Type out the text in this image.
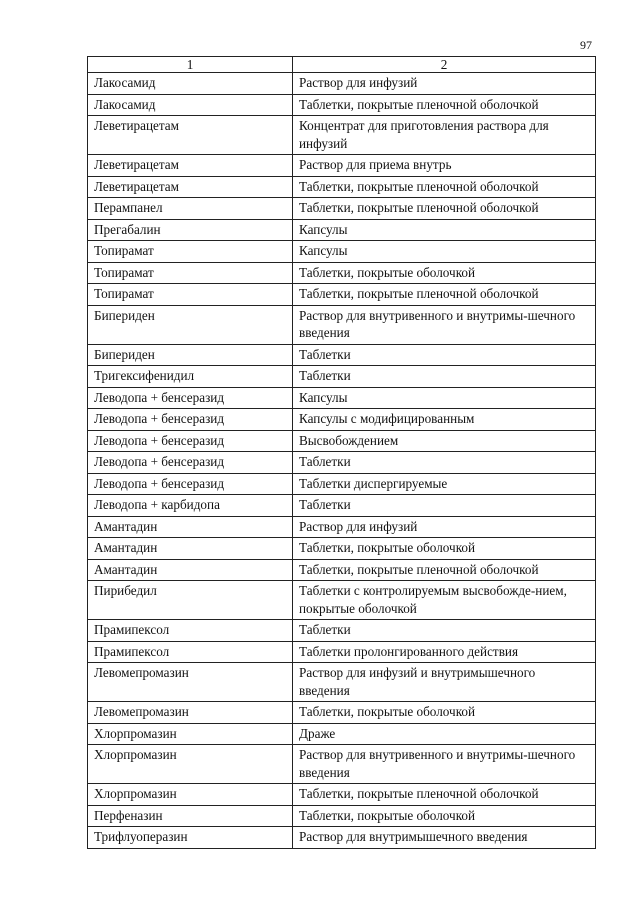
97
1	2
Лакосамид	Раствор для инфузий
Лакосамид	Таблетки, покрытые пленочной оболочкой
Леветирацетам	Концентрат для приготовления раствора для инфузий
Леветирацетам	Раствор для приема внутрь
Леветирацетам	Таблетки, покрытые пленочной оболочкой
Перампанел	Таблетки, покрытые пленочной оболочкой
Прегабалин	Капсулы
Топирамат	Капсулы
Топирамат	Таблетки, покрытые оболочкой
Топирамат	Таблетки, покрытые пленочной оболочкой
Бипериден	Раствор для внутривенного и внутримы-шечного введения
Бипериден	Таблетки
Тригексифенидил	Таблетки
Леводопа + бенсеразид	Капсулы
Леводопа + бенсеразид	Капсулы с модифицированным
Леводопа + бенсеразид	Высвобождением
Леводопа + бенсеразид	Таблетки
Леводопа + бенсеразид	Таблетки диспергируемые
Леводопа + карбидопа	Таблетки
Амантадин	Раствор для инфузий
Амантадин	Таблетки, покрытые оболочкой
Амантадин	Таблетки, покрытые пленочной оболочкой
Пирибедил	Таблетки с контролируемым высвобожде-нием, покрытые оболочкой
Прамипексол	Таблетки
Прамипексол	Таблетки пролонгированного действия
Левомепромазин	Раствор для инфузий и внутримышечного введения
Левомепромазин	Таблетки, покрытые оболочкой
Хлорпромазин	Драже
Хлорпромазин	Раствор для внутривенного и внутримы-шечного введения
Хлорпромазин	Таблетки, покрытые пленочной оболочкой
Перфеназин	Таблетки, покрытые оболочкой
Трифлуоперазин	Раствор для внутримышечного введения
